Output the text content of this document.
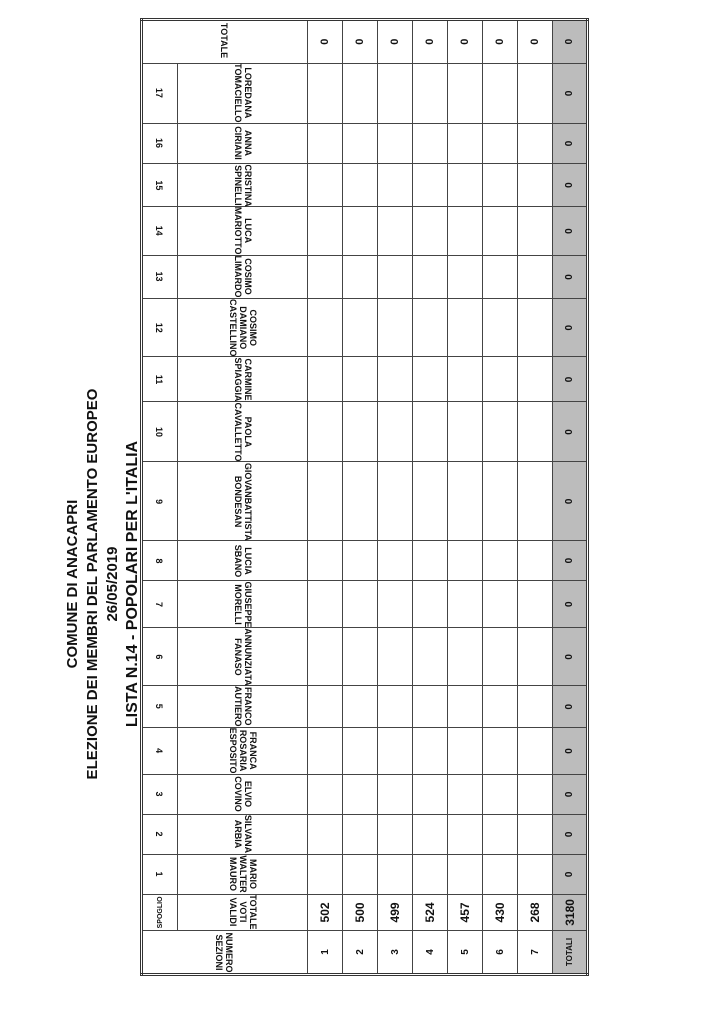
COMUNE DI ANACAPRI ELEZIONE DEI MEMBRI DEL PARLAMENTO EUROPEO 26/05/2019 LISTA N.14 - POPOLARI PER L'ITALIA
NUMERO SEZIONI	SPOGLIO	1	2	3	4	5	6	7	8	9	10	11	12	13	14	15	16	17	TOTALE
	TOTALE VOTI VALIDI	MARIO WALTER MAURO	SILVANA ARBIA	ELVIO COVINO	FRANCA ROSARIA ESPOSITO	FRANCO AUTIERO	ANNUNZIATA FANASO	GIUSEPPE MORELLI	LUCIA SBANO	GIOVANBATTISTA BONDESAN	PAOLA CAVALLETTO	CARMINE SPIAGGIA	COSIMO DAMIANO CASTELLINO	COSIMO LIMARDO	LUCA MARIOTTO	CRISTINA SPINELLI	ANNA CIRIANI	LOREDANA TOMACIELLO	
1	502																		0
2	500																		0
3	499																		0
4	524																		0
5	457																		0
6	430																		0
7	268																		0
TOTALI	3180	0	0	0	0	0	0	0	0	0	0	0	0	0	0	0	0	0	0
